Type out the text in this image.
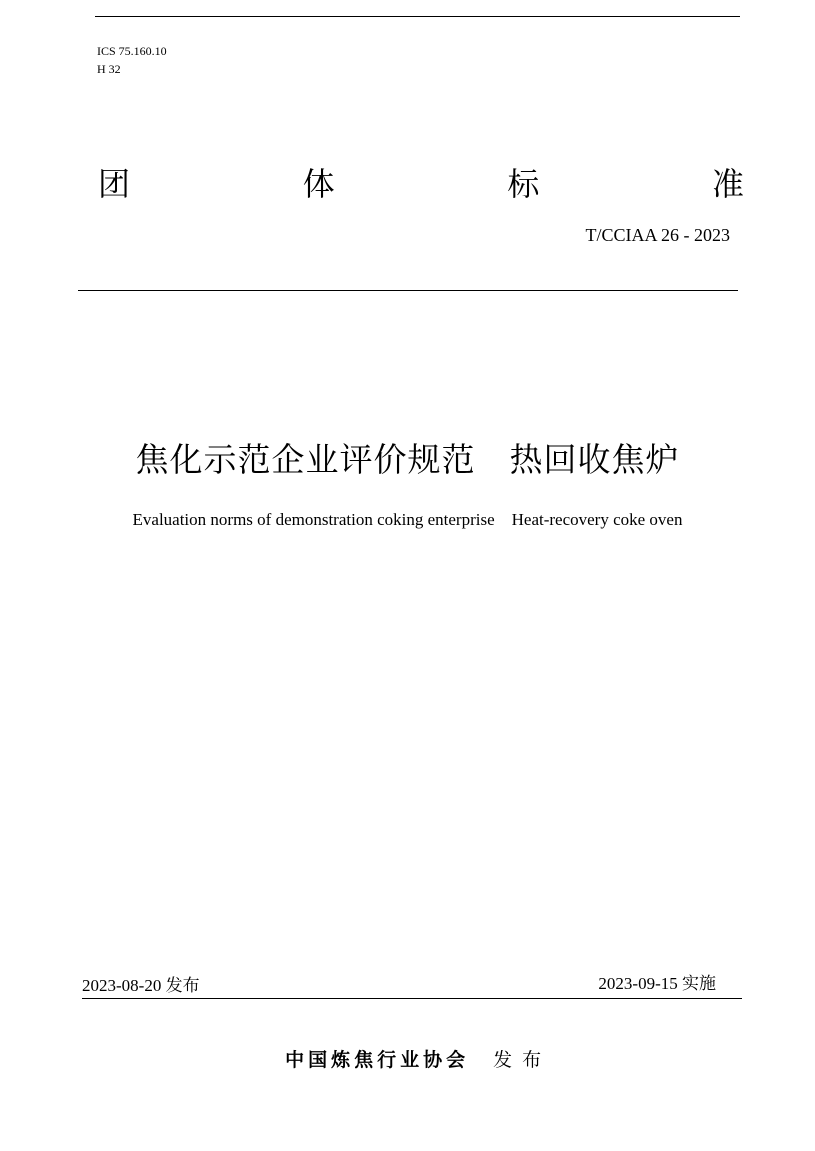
ICS 75.160.10
H 32
团	体	标	准
T/CCIAA 26 - 2023
焦化示范企业评价规范　热回收焦炉
Evaluation norms of demonstration coking enterprise    Heat-recovery coke oven
2023-08-20 发布	2023-09-15 实施

中国炼焦行业协会 发布
